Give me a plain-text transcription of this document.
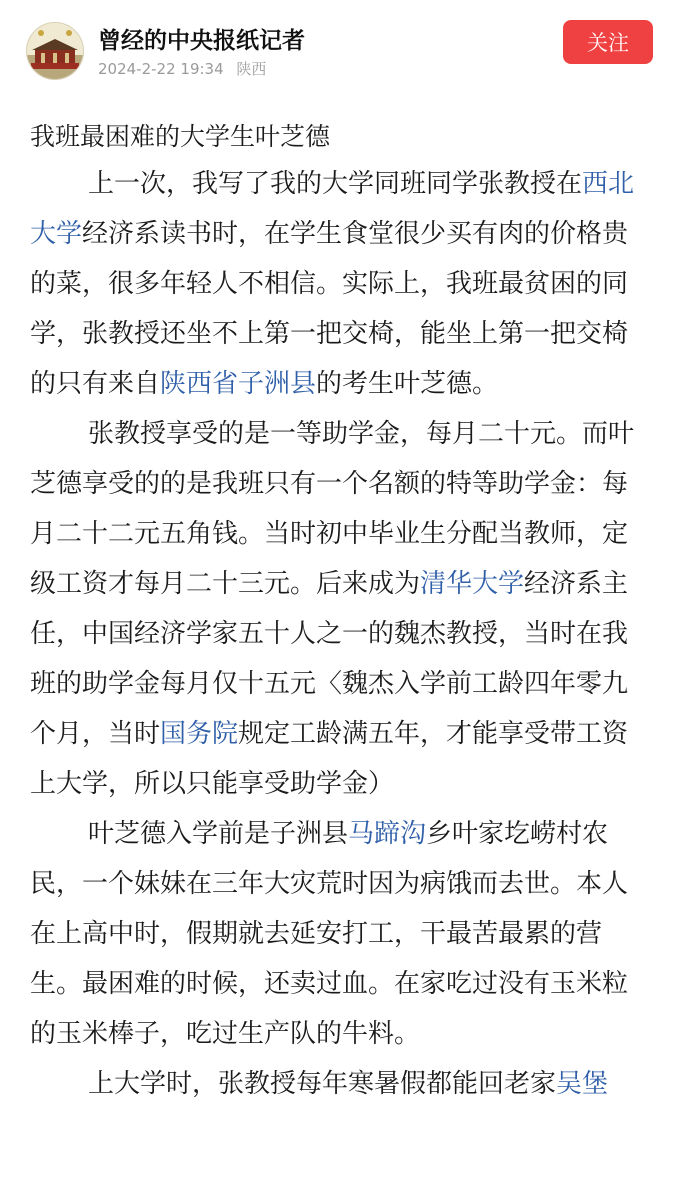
曾经的中央报纸记者
2024-2-22 19:34 陕西
关注

我班最困难的大学生叶芝德

上一次，我写了我的大学同班同学张教授在西北大学经济系读书时，在学生食堂很少买有肉的价格贵的菜，很多年轻人不相信。实际上，我班最贫困的同学，张教授还坐不上第一把交椅，能坐上第一把交椅的只有来自陕西省子洲县的考生叶芝德。

张教授享受的是一等助学金，每月二十元。而叶芝德享受的的是我班只有一个名额的特等助学金：每月二十二元五角钱。当时初中毕业生分配当教师，定级工资才每月二十三元。后来成为清华大学经济系主任，中国经济学家五十人之一的魏杰教授，当时在我班的助学金每月仅十五元〈魏杰入学前工龄四年零九个月，当时国务院规定工龄满五年，才能享受带工资上大学，所以只能享受助学金）

叶芝德入学前是子洲县马蹄沟乡叶家圪崂村农民，一个妹妹在三年大灾荒时因为病饿而去世。本人在上高中时，假期就去延安打工，干最苦最累的营生。最困难的时候，还卖过血。在家吃过没有玉米粒的玉米棒子，吃过生产队的牛料。

上大学时，张教授每年寒暑假都能回老家吴堡
